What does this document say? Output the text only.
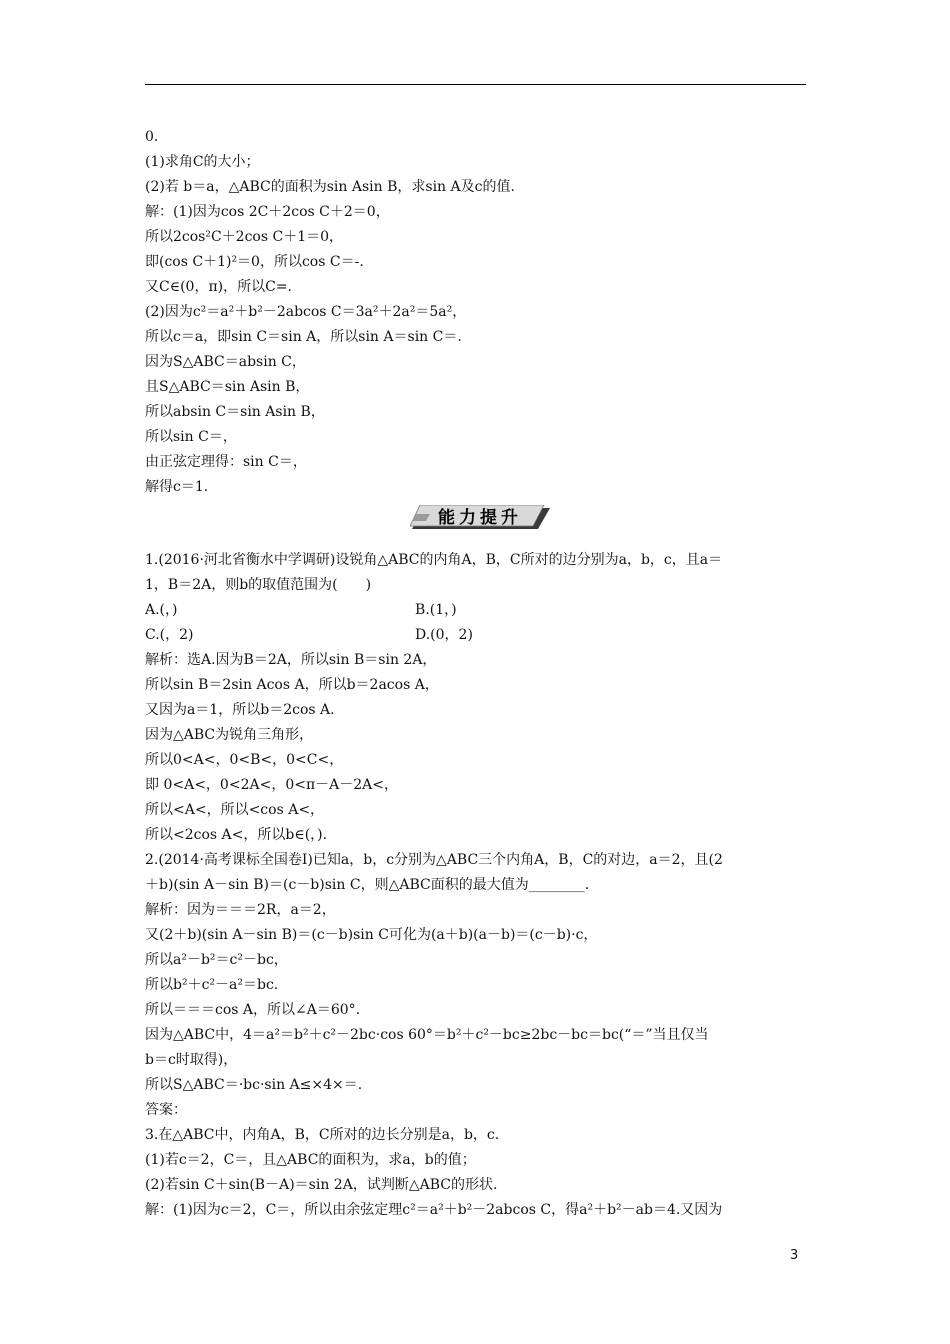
0.
(1)求角C的大小；
(2)若 b＝a，△ABC的面积为sin Asin B，求sin A及c的值.
解：(1)因为cos 2C＋2cos C＋2＝0，
所以2cos²C＋2cos C＋1＝0，
即(cos C＋1)²＝0，所以cos C＝-.
又C∈(0，π)，所以C=.
(2)因为c²＝a²＋b²－2abcos C＝3a²＋2a²＝5a²，
所以c＝a，即sin C＝sin A，所以sin A＝sin C＝.
因为S△ABC＝absin C，
且S△ABC＝sin Asin B，
所以absin C＝sin Asin B，
所以sin C＝，
由正弦定理得：sin C＝，
解得c＝1.
能力提升
1.(2016·河北省衡水中学调研)设锐角△ABC的内角A，B，C所对的边分别为a，b，c，且a＝
1，B＝2A，则b的取值范围为(　　)
A.(，)	B.(1，)
C.(，2)	D.(0，2)
解析：选A.因为B＝2A，所以sin B＝sin 2A，
所以sin B＝2sin Acos A，所以b＝2acos A，
又因为a＝1，所以b＝2cos A.
因为△ABC为锐角三角形，
所以0<A<，0<B<，0<C<，
即 0<A<，0<2A<，0<π－A－2A<，
所以<A<，所以<cos A<，
所以<2cos A<，所以b∈(，).
2.(2014·高考课标全国卷Ⅰ)已知a，b，c分别为△ABC三个内角A，B，C的对边，a＝2，且(2
＋b)(sin A－sin B)＝(c－b)sin C，则△ABC面积的最大值为________.
解析：因为＝＝＝2R，a＝2，
又(2＋b)(sin A－sin B)＝(c－b)sin C可化为(a＋b)(a－b)＝(c－b)·c，
所以a²－b²＝c²－bc，
所以b²＋c²－a²＝bc.
所以＝＝＝cos A，所以∠A＝60°.
因为△ABC中，4＝a²＝b²＋c²－2bc·cos 60°＝b²＋c²－bc≥2bc－bc＝bc(“＝”当且仅当
b＝c时取得)，
所以S△ABC＝·bc·sin A≤×4×＝.
答案：
3.在△ABC中，内角A，B，C所对的边长分别是a，b，c.
(1)若c＝2，C＝，且△ABC的面积为，求a，b的值；
(2)若sin C＋sin(B－A)＝sin 2A，试判断△ABC的形状.
解：(1)因为c＝2，C＝，所以由余弦定理c²＝a²＋b²－2abcos C，得a²＋b²－ab＝4.又因为
3
